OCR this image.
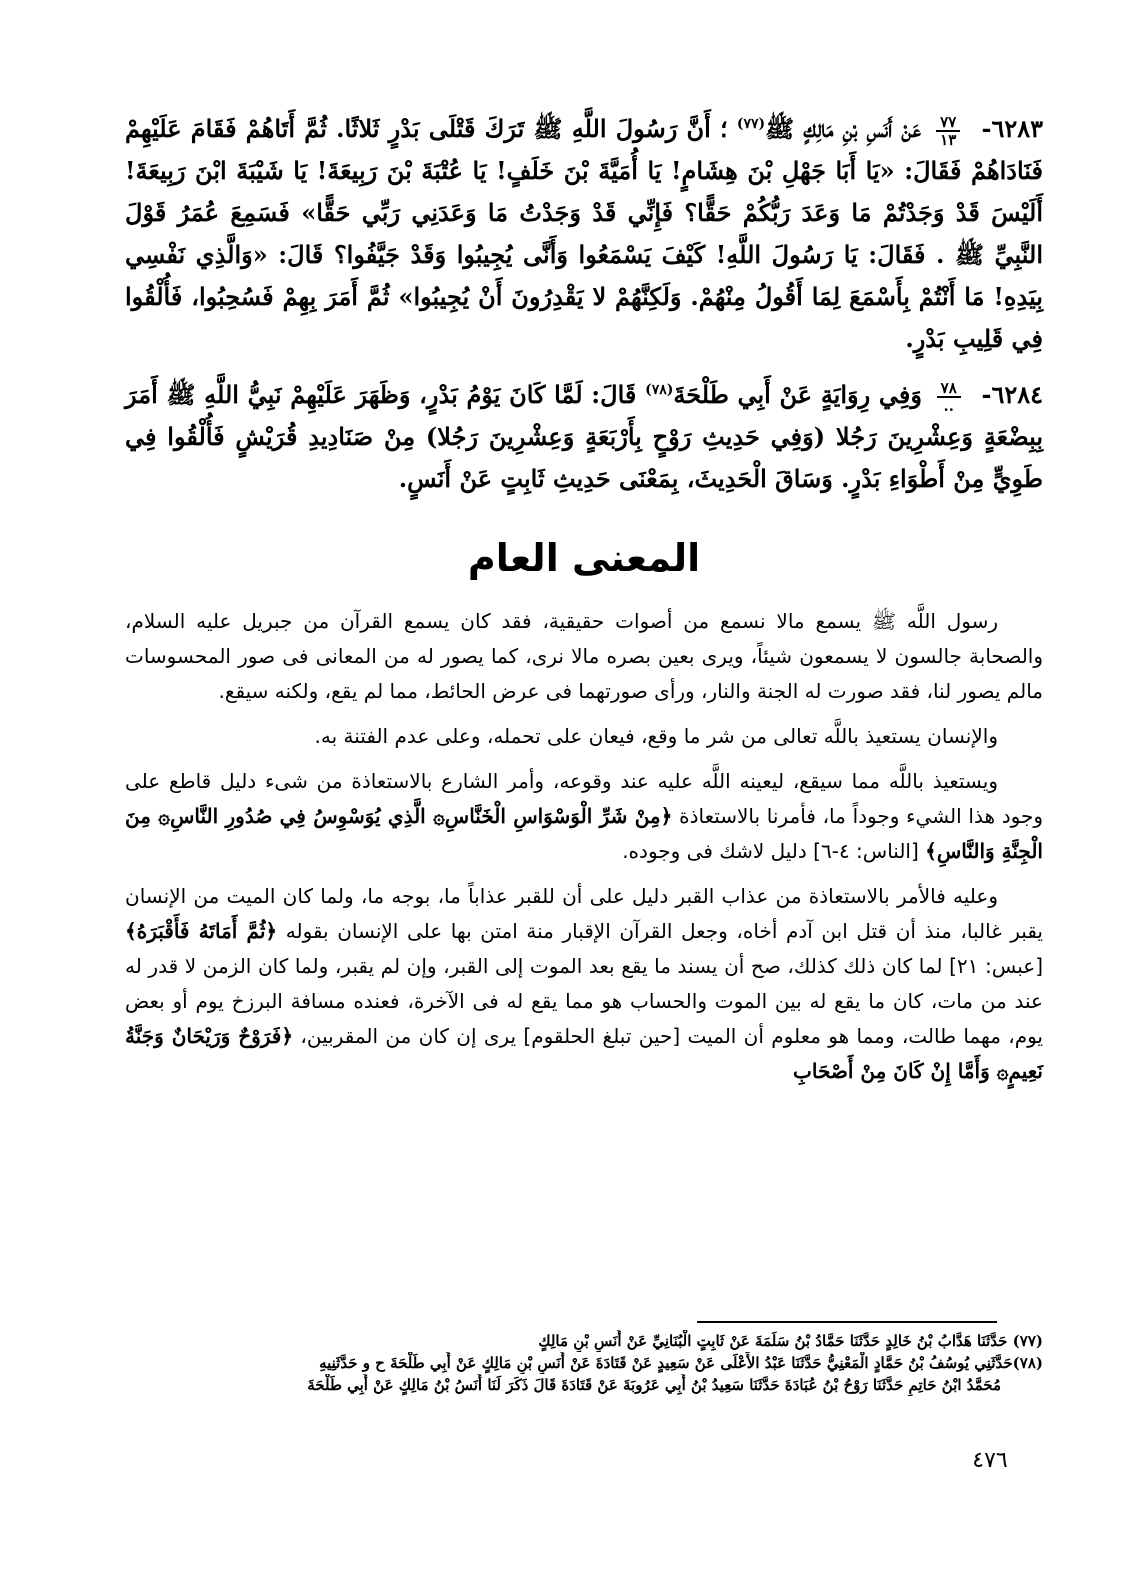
٦٢٨٣-
$\frac{٧٧}{١٣}$
عَنْ أَنَسِ بْنِ مَالِكٍ ﷺ$^{(٧٧)}$ ؛ أَنَّ رَسُولَ اللَّهِ ﷺ تَرَكَ قَتْلَى بَدْرٍ ثَلاثًا. ثُمَّ أَتَاهُمْ فَقَامَ عَلَيْهِمْ فَنَادَاهُمْ فَقَالَ: «يَا أَبَا جَهْلِ بْنَ هِشَامٍ! يَا أُمَيَّةَ بْنَ خَلَفٍ! يَا عُتْبَةَ بْنَ رَبِيعَةَ! يَا شَيْبَةَ ابْنَ رَبِيعَةَ! أَلَيْسَ قَدْ وَجَدْتُمْ مَا وَعَدَ رَبُّكُمْ حَقًّا؟ فَإِنِّي قَدْ وَجَدْتُ مَا وَعَدَنِي رَبِّي حَقًّا» فَسَمِعَ عُمَرُ قَوْلَ النَّبِيِّ ﷺ . فَقَالَ: يَا رَسُولَ اللَّهِ! كَيْفَ يَسْمَعُوا وَأَنَّى يُجِيبُوا وَقَدْ جَيَّفُوا؟ قَالَ: «وَالَّذِي نَفْسِي بِيَدِهِ! مَا أَنْتُمْ بِأَسْمَعَ لِمَا أَقُولُ مِنْهُمْ. وَلَكِنَّهُمْ لا يَقْدِرُونَ أَنْ يُجِيبُوا» ثُمَّ أَمَرَ بِهِمْ فَسُحِبُوا، فَأُلْقُوا فِي قَلِيبِ بَدْرٍ.

٦٢٨٤-
$\frac{٧٨}{..}$
وَفِي رِوَايَةٍ عَنْ أَبِي طَلْحَةَ$^{(٧٨)}$ قَالَ: لَمَّا كَانَ يَوْمُ بَدْرٍ، وَظَهَرَ عَلَيْهِمْ نَبِيُّ اللَّهِ ﷺ أَمَرَ بِبِضْعَةٍ وَعِشْرِينَ رَجُلا (وَفِي حَدِيثِ رَوْحٍ بِأَرْبَعَةٍ وَعِشْرِينَ رَجُلا) مِنْ صَنَادِيدِ قُرَيْشٍ فَأُلْقُوا فِي طَوِيٍّ مِنْ أَطْوَاءِ بَدْرٍ. وَسَاقَ الْحَدِيثَ، بِمَعْنَى حَدِيثِ ثَابِتٍ عَنْ أَنَسٍ.

المعنى العام

رسول اللَّه ﷺ يسمع مالا نسمع من أصوات حقيقية، فقد كان يسمع القرآن من جبريل عليه السلام، والصحابة جالسون لا يسمعون شيئاً، ويرى بعين بصره مالا نرى، كما يصور له من المعانى فى صور المحسوسات مالم يصور لنا، فقد صورت له الجنة والنار، ورأى صورتهما فى عرض الحائط، مما لم يقع، ولكنه سيقع.

والإنسان يستعيذ باللَّه تعالى من شر ما وقع، فيعان على تحمله، وعلى عدم الفتنة به.

ويستعيذ باللَّه مما سيقع، ليعينه اللَّه عليه عند وقوعه، وأمر الشارع بالاستعاذة من شىء دليل قاطع على وجود هذا الشيء وجوداً ما، فأمرنا بالاستعاذة ﴿مِنْ شَرِّ الْوَسْوَاسِ الْخَنَّاسِ۞ الَّذِي يُوَسْوِسُ فِي صُدُورِ النَّاسِ۞ مِنَ الْجِنَّةِ وَالنَّاسِ﴾ [الناس: ٤-٦] دليل لاشك فى وجوده.

وعليه فالأمر بالاستعاذة من عذاب القبر دليل على أن للقبر عذاباً ما، بوجه ما، ولما كان الميت من الإنسان يقبر غالبا، منذ أن قتل ابن آدم أخاه، وجعل القرآن الإقبار منة امتن بها على الإنسان بقوله ﴿ثُمَّ أَمَاتَهُ فَأَقْبَرَهُ﴾ [عبس: ٢١] لما كان ذلك كذلك، صح أن يسند ما يقع بعد الموت إلى القبر، وإن لم يقبر، ولما كان الزمن لا قدر له عند من مات، كان ما يقع له بين الموت والحساب هو مما يقع له فى الآخرة، فعنده مسافة البرزخ يوم أو بعض يوم، مهما طالت، ومما هو معلوم أن الميت [حين تبلغ الحلقوم] يرى إن كان من المقربين، ﴿فَرَوْحٌ وَرَيْحَانٌ وَجَنَّةُ نَعِيمٍ۞ وَأَمَّا إِنْ كَانَ مِنْ أَصْحَابِ

(٧٧) حَدَّثَنَا هَدَّابُ بْنُ خَالِدٍ حَدَّثَنَا حَمَّادُ بْنُ سَلَمَةَ عَنْ ثَابِتٍ الْبُنَانِيِّ عَنْ أَنَسِ بْنِ مَالِكٍ
(٧٨)حَدَّثَنِي يُوسُفُ بْنُ حَمَّادٍ الْمَعْنِيُّ حَدَّثَنَا عَبْدُ الأَعْلَى عَنْ سَعِيدٍ عَنْ قَتَادَةَ عَنْ أَنَسِ بْنِ مَالِكٍ عَنْ أَبِي طَلْحَةَ ح و حَدَّثَنِيهِ
مُحَمَّدُ ابْنُ حَاتِمٍ حَدَّثَنَا رَوْحُ بْنُ عُبَادَةَ حَدَّثَنَا سَعِيدُ بْنُ أَبِي عَرُوبَةَ عَنْ قَتَادَةَ قَالَ ذَكَرَ لَنَا أَنَسُ بْنُ مَالِكٍ عَنْ أَبِي طَلْحَةَ
٤٧٦
